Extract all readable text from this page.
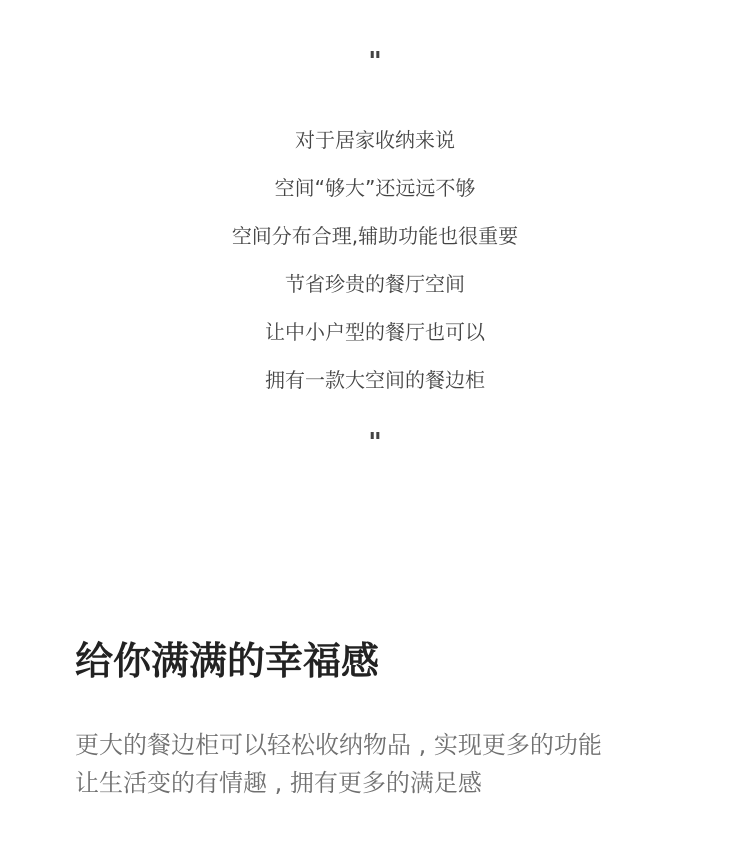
"
对于居家收纳来说
空间“够大”还远远不够
空间分布合理,辅助功能也很重要
节省珍贵的餐厅空间
让中小户型的餐厅也可以
拥有一款大空间的餐边柜
"
给你满满的幸福感
更大的餐边柜可以轻松收纳物品 , 实现更多的功能
让生活变的有情趣 , 拥有更多的满足感
